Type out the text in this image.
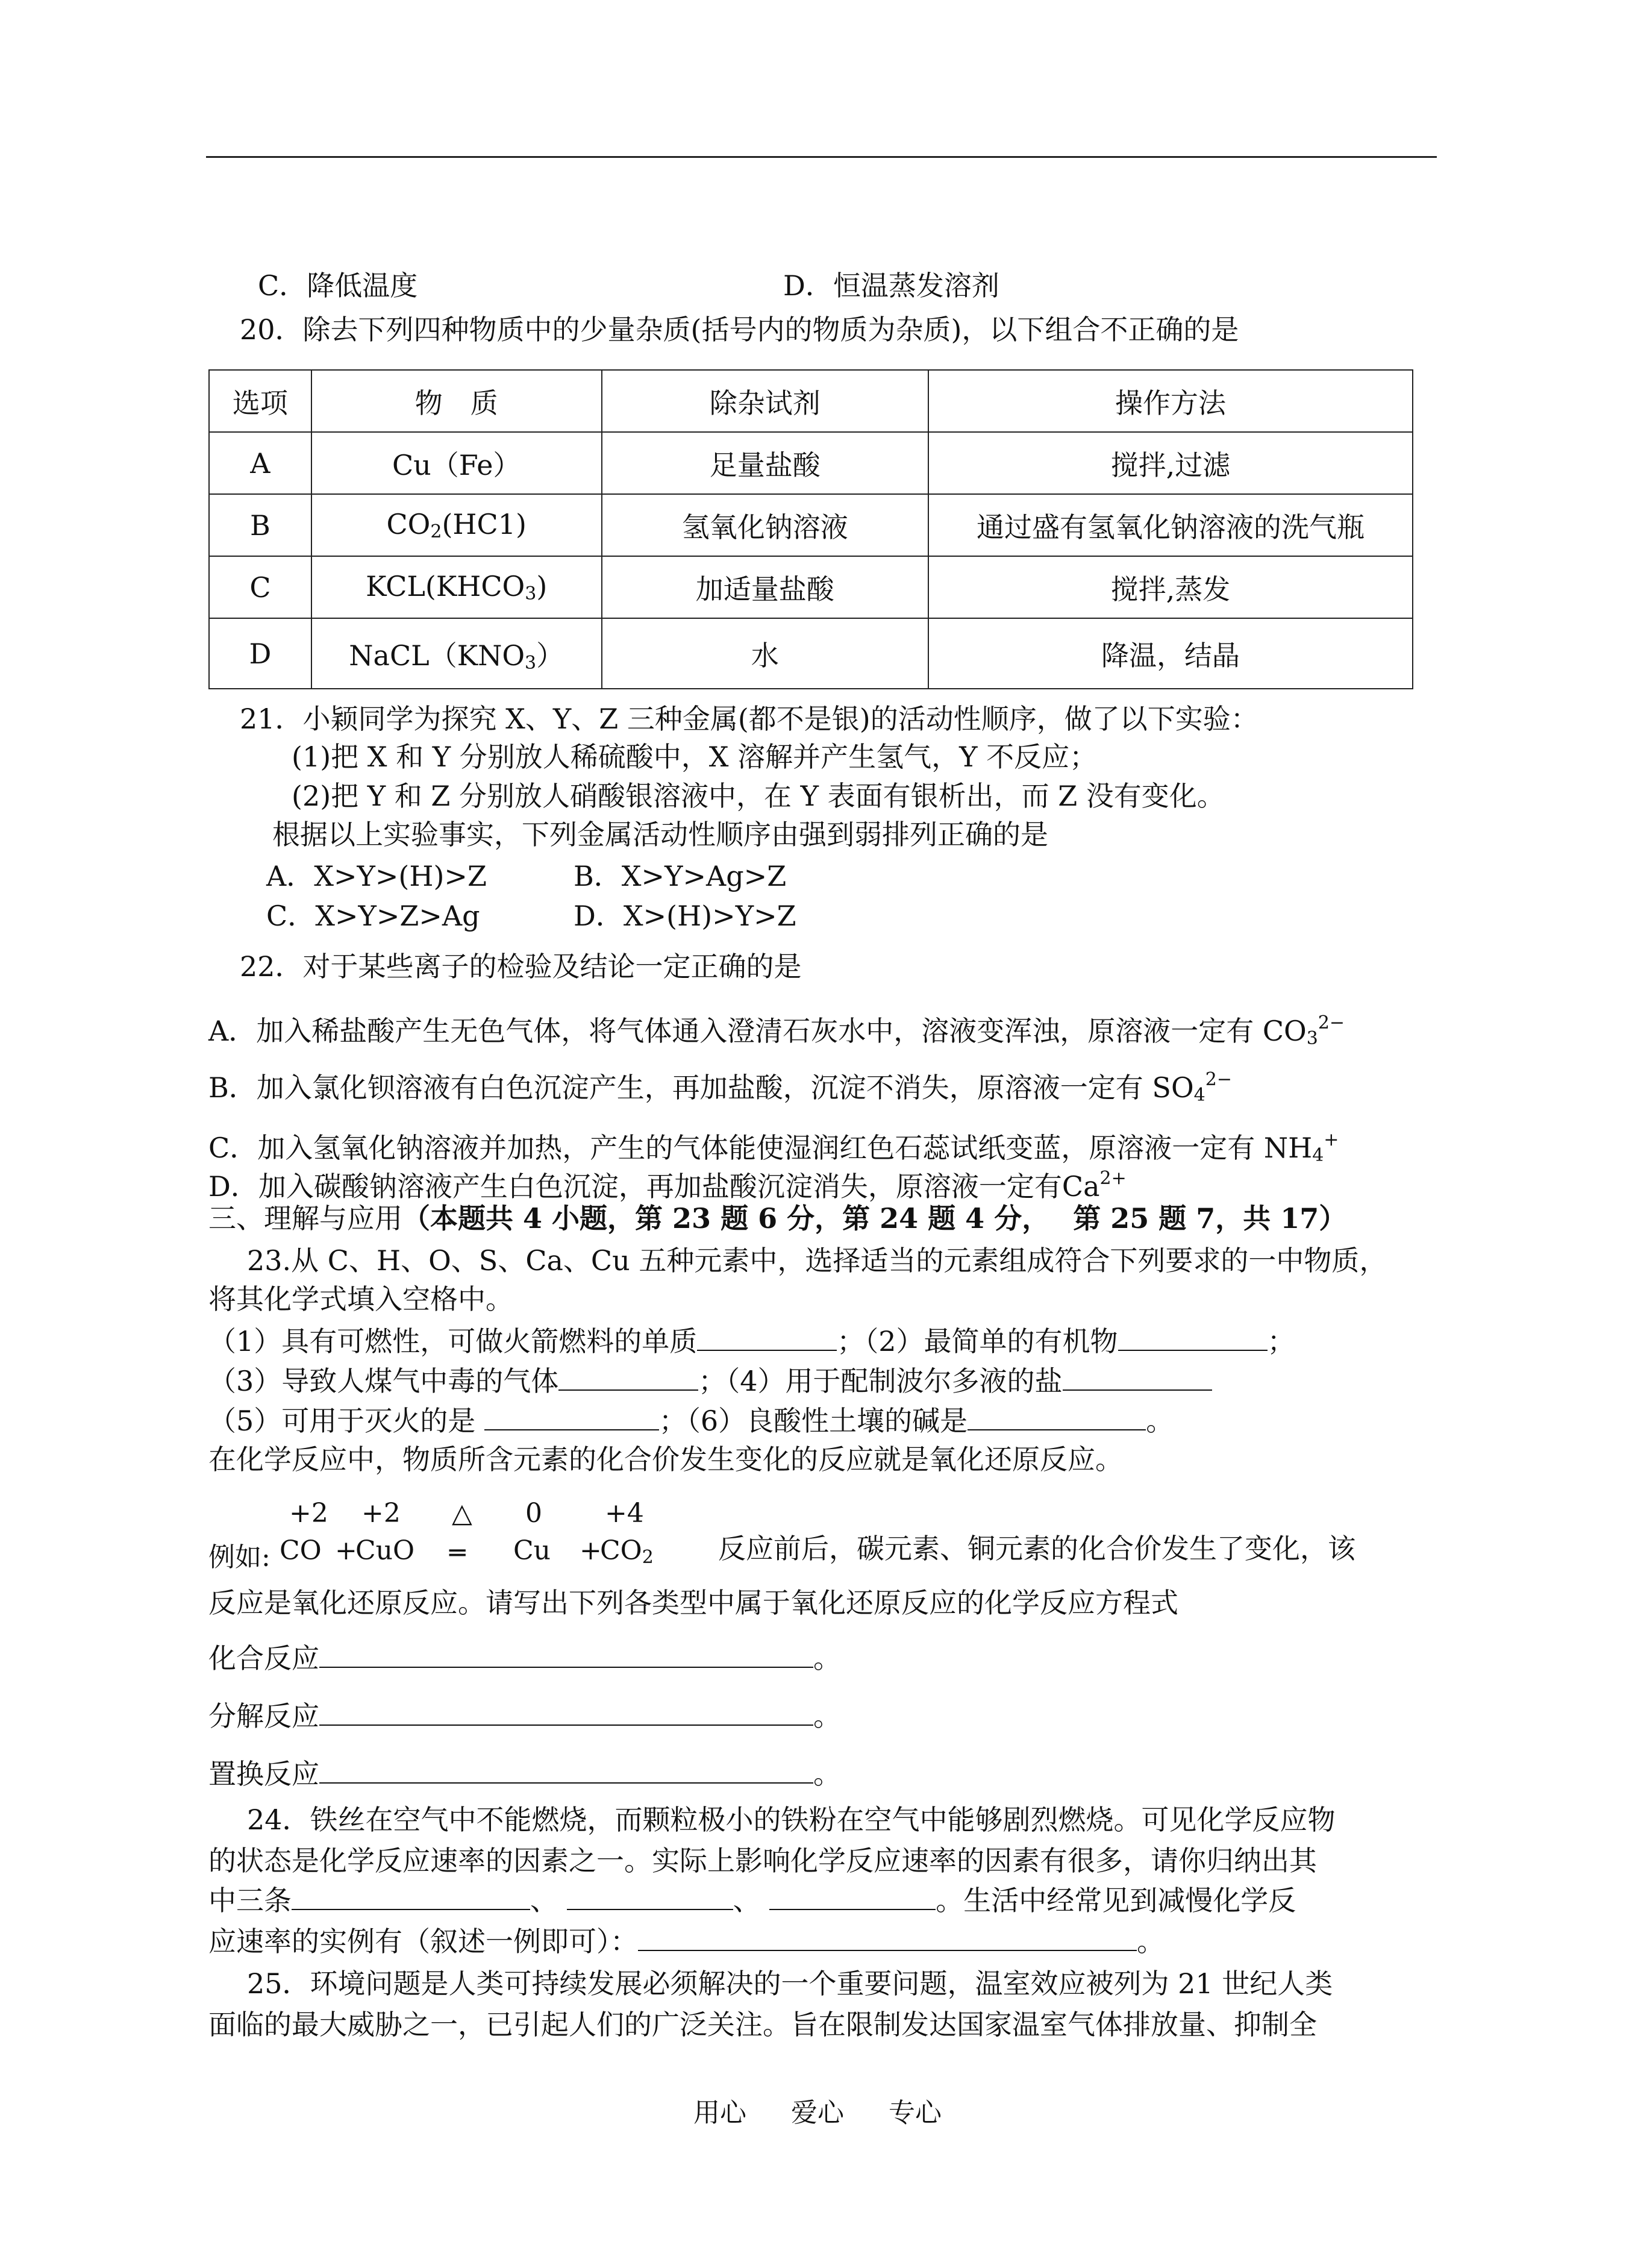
C．降低温度	D．恒温蒸发溶剂
20．除去下列四种物质中的少量杂质(括号内的物质为杂质)，以下组合不正确的是
选项	物　质	除杂试剂	操作方法
A	Cu（Fe）	足量盐酸	搅拌,过滤
B	$CO_2(HC1)$	氢氧化钠溶液	通过盛有氢氧化钠溶液的洗气瓶
C	$KCL(KHCO_3)$	加适量盐酸	搅拌,蒸发
D	$NaCL(KNO_3)$	水	降温，结晶
21．小颖同学为探究 X、Y、Z 三种金属(都不是银)的活动性顺序，做了以下实验：
(1)把 X 和 Y 分别放人稀硫酸中，X 溶解并产生氢气，Y 不反应；
(2)把 Y 和 Z 分别放人硝酸银溶液中，在 Y 表面有银析出，而 Z 没有变化。
根据以上实验事实，下列金属活动性顺序由强到弱排列正确的是
A．X>Y>(H)>Z	B．X>Y>Ag>Z
C．X>Y>Z>Ag	D．X>(H)>Y>Z
22．对于某些离子的检验及结论一定正确的是
A．加入稀盐酸产生无色气体，将气体通入澄清石灰水中，溶液变浑浊，原溶液一定有 $CO_3^{2-}$
B．加入氯化钡溶液有白色沉淀产生，再加盐酸，沉淀不消失，原溶液一定有 $SO_4^{2-}$
C．加入氢氧化钠溶液并加热，产生的气体能使湿润红色石蕊试纸变蓝，原溶液一定有 $NH_4^+$
D．加入碳酸钠溶液产生白色沉淀，再加盐酸沉淀消失，原溶液一定有$Ca^{2+}$
三、理解与应用（本题共 4 小题，第 23 题 6 分，第 24 题 4 分，　 第 25 题 7，共 17）
23.从 C、H、O、S、Ca、Cu 五种元素中，选择适当的元素组成符合下列要求的一中物质，
将其化学式填入空格中。
（1）具有可燃性，可做火箭燃料的单质	；（2）最简单的有机物	；
（3）导致人煤气中毒的气体	；（4）用于配制波尔多液的盐
（5）可用于灭火的是	；（6）良酸性土壤的碱是	。
在化学反应中，物质所含元素的化合价发生变化的反应就是氧化还原反应。
例如:
+2
CO +
+2
CuO
△
═
0
Cu +
+4
$CO_2$ 反应前后，碳元素、铜元素的化合价发生了变化，该
反应是氧化还原反应。请写出下列各类型中属于氧化还原反应的化学反应方程式
化合反应	。
分解反应	。
置换反应	。
24．铁丝在空气中不能燃烧，而颗粒极小的铁粉在空气中能够剧烈燃烧。可见化学反应物
的状态是化学反应速率的因素之一。实际上影响化学反应速率的因素有很多，请你归纳出其
中三条	、	、	。生活中经常见到减慢化学反
应速率的实例有（叙述一例即可）：	。
25．环境问题是人类可持续发展必须解决的一个重要问题，温室效应被列为 21 世纪人类
面临的最大威胁之一，已引起人们的广泛关注。旨在限制发达国家温室气体排放量、抑制全
用心 爱心 专心
